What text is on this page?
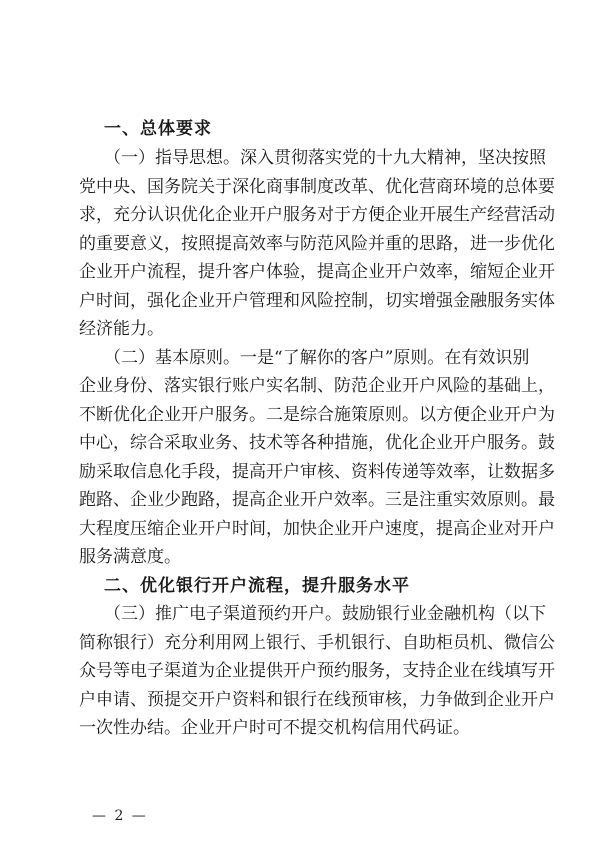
一、总体要求
（一）指导思想。深入贯彻落实党的十九大精神，坚决按照
党中央、国务院关于深化商事制度改革、优化营商环境的总体要
求，充分认识优化企业开户服务对于方便企业开展生产经营活动
的重要意义，按照提高效率与防范风险并重的思路，进一步优化
企业开户流程，提升客户体验，提高企业开户效率，缩短企业开
户时间，强化企业开户管理和风险控制，切实增强金融服务实体
经济能力。
（二）基本原则。一是“了解你的客户”原则。在有效识别
企业身份、落实银行账户实名制、防范企业开户风险的基础上，
不断优化企业开户服务。二是综合施策原则。以方便企业开户为
中心，综合采取业务、技术等各种措施，优化企业开户服务。鼓
励采取信息化手段，提高开户审核、资料传递等效率，让数据多
跑路、企业少跑路，提高企业开户效率。三是注重实效原则。最
大程度压缩企业开户时间，加快企业开户速度，提高企业对开户
服务满意度。
二、优化银行开户流程，提升服务水平
（三）推广电子渠道预约开户。鼓励银行业金融机构（以下
简称银行）充分利用网上银行、手机银行、自助柜员机、微信公
众号等电子渠道为企业提供开户预约服务，支持企业在线填写开
户申请、预提交开户资料和银行在线预审核，力争做到企业开户
一次性办结。企业开户时可不提交机构信用代码证。
— 2 —
